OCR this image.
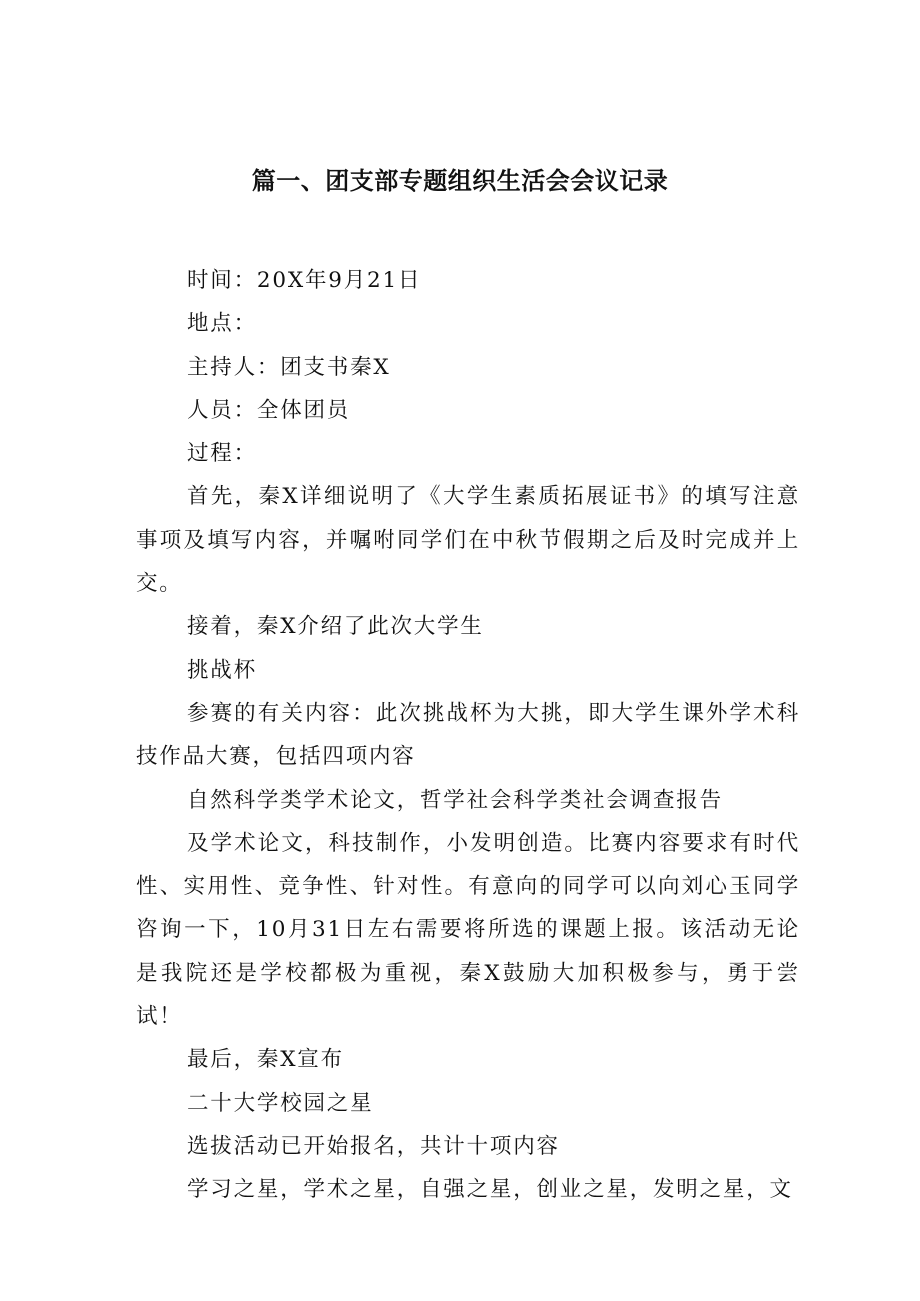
篇一、团支部专题组织生活会会议记录

时间：20X年9月21日

地点：

主持人：团支书秦X

人员：全体团员

过程：

首先，秦X详细说明了《大学生素质拓展证书》的填写注意事项及填写内容，并嘱咐同学们在中秋节假期之后及时完成并上交。

接着，秦X介绍了此次大学生

挑战杯

参赛的有关内容：此次挑战杯为大挑，即大学生课外学术科技作品大赛，包括四项内容

自然科学类学术论文，哲学社会科学类社会调查报告

及学术论文，科技制作，小发明创造。比赛内容要求有时代性、实用性、竞争性、针对性。有意向的同学可以向刘心玉同学咨询一下，10月31日左右需要将所选的课题上报。该活动无论是我院还是学校都极为重视，秦X鼓励大加积极参与，勇于尝试！

最后，秦X宣布

二十大学校园之星

选拔活动已开始报名，共计十项内容

学习之星，学术之星，自强之星，创业之星，发明之星，文
